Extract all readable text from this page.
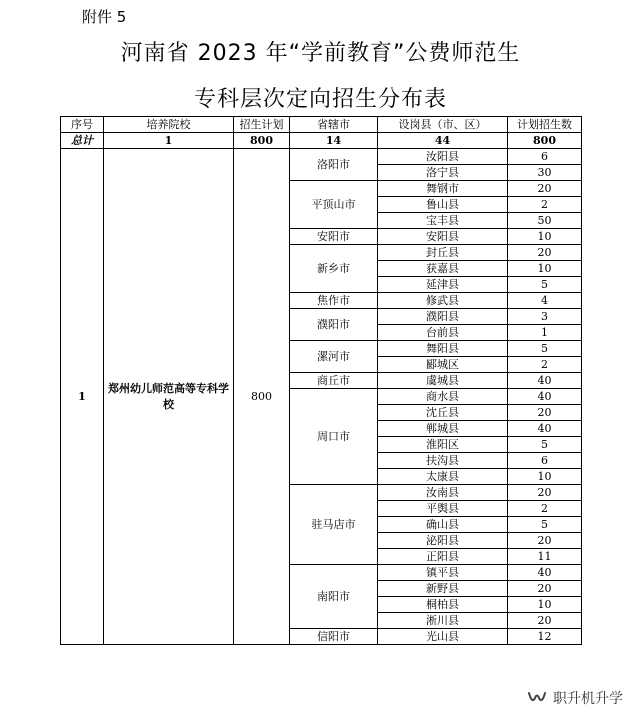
附件 5
河南省 2023 年“学前教育”公费师范生
专科层次定向招生分布表
序号	培养院校	招生计划	省辖市	设岗县（市、区）	计划招生数
总计	1	800	14	44	800
1	郑州幼儿师范高等专科学校	800	洛阳市	汝阳县	6
				洛宁县	30
			平顶山市	舞钢市	20
				鲁山县	2
				宝丰县	50
			安阳市	安阳县	10
			新乡市	封丘县	20
				获嘉县	10
				延津县	5
			焦作市	修武县	4
			濮阳市	濮阳县	3
				台前县	1
			漯河市	舞阳县	5
				郾城区	2
			商丘市	虞城县	40
			周口市	商水县	40
				沈丘县	20
				郸城县	40
				淮阳区	5
				扶沟县	6
				太康县	10
			驻马店市	汝南县	20
				平舆县	2
				确山县	5
				泌阳县	20
				正阳县	11
			南阳市	镇平县	40
				新野县	20
				桐柏县	10
				淅川县	20
			信阳市	光山县	12
职升机升学
